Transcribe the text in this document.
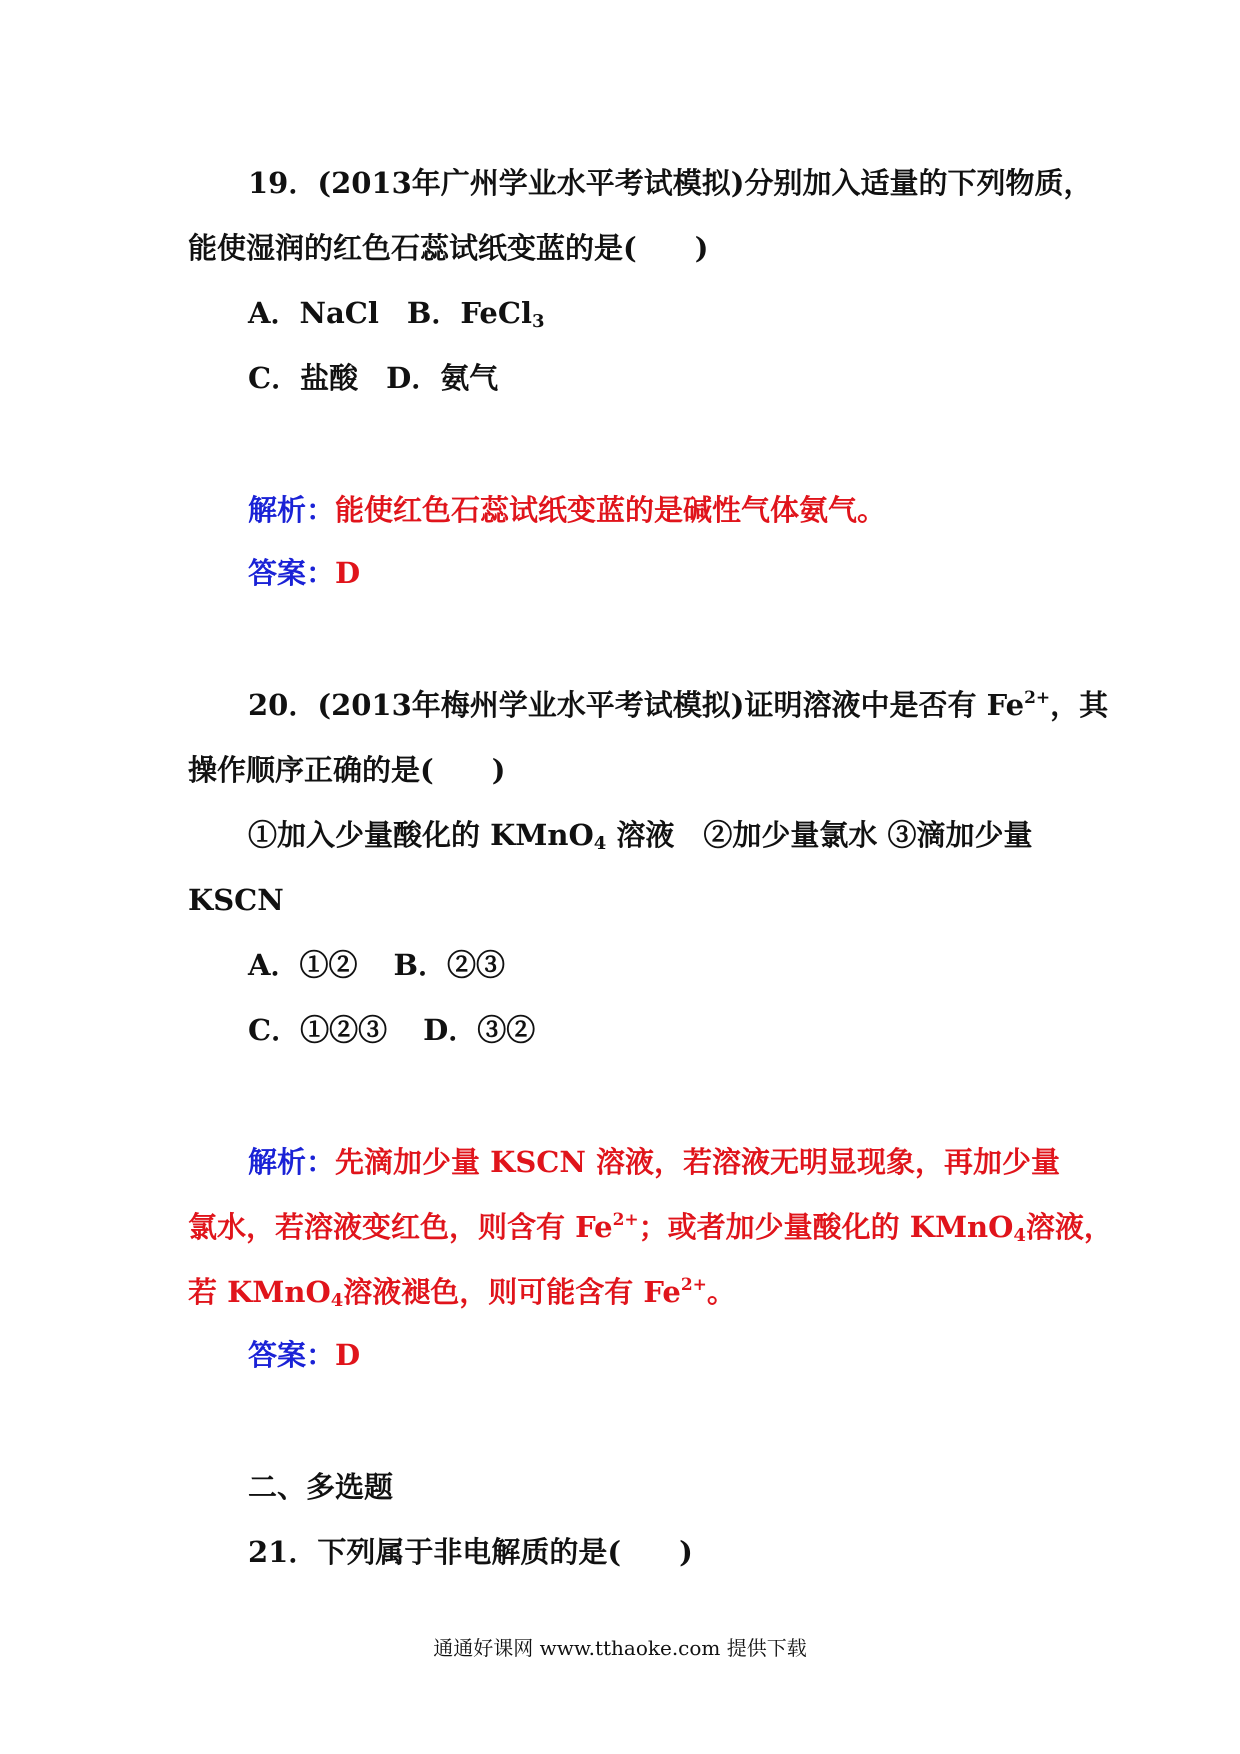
19．(2013年广州学业水平考试模拟)分别加入适量的下列物质，
能使湿润的红色石蕊试纸变蓝的是(　　)
A．NaCl B．FeCl$_3$
C．盐酸 D．氨气
解析：能使红色石蕊试纸变蓝的是碱性气体氨气。
答案：D
20．(2013年梅州学业水平考试模拟)证明溶液中是否有 $Fe^{2+}$，其
操作顺序正确的是(　　)
①加入少量酸化的 KMnO$_4$ 溶液　②加少量氯水 ③滴加少量
KSCN
A．①② B．②③
C．①②③ D．③②
解析：先滴加少量 KSCN 溶液，若溶液无明显现象，再加少量
氯水，若溶液变红色，则含有 $Fe^{2+}$；或者加少量酸化的 KMnO$_4$溶液，
若 KMnO$_4$溶液褪色，则可能含有 $Fe^{2+}$。
答案：D
二、多选题
21．下列属于非电解质的是(　　)
通通好课网 www.tthaoke.com 提供下载
